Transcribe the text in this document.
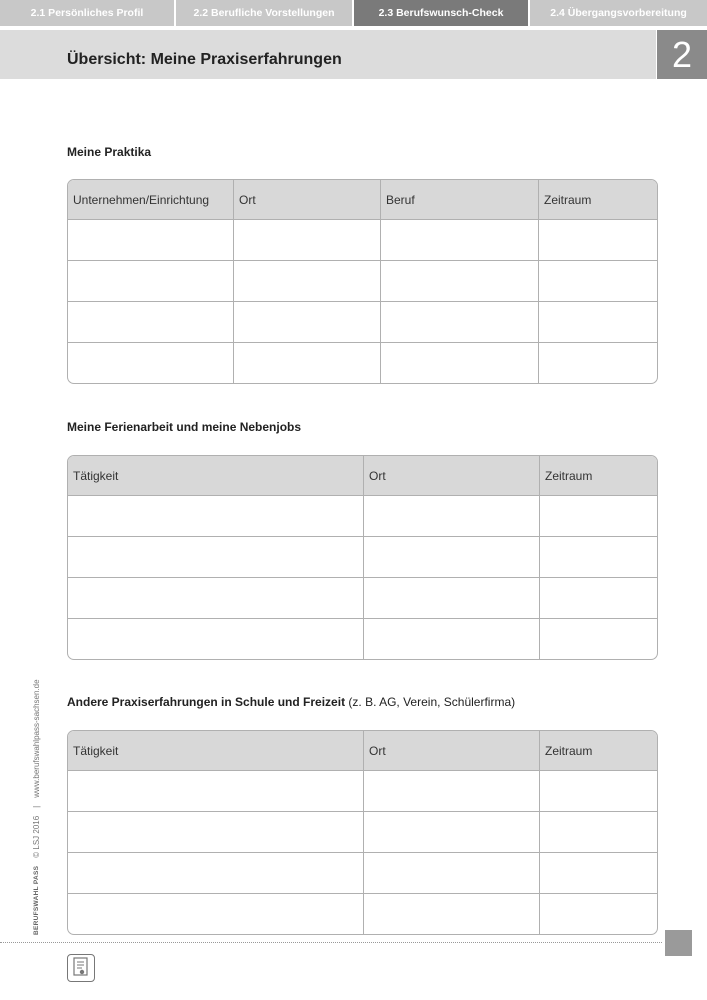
2.1 Persönliches Profil	2.2 Berufliche Vorstellungen	2.3 Berufswunsch-Check	2.4 Übergangsvorbereitung
Übersicht: Meine Praxiserfahrungen	2
Meine Praktika
Unternehmen/Einrichtung	Ort	Beruf	Zeitraum

Meine Ferienarbeit und meine Nebenjobs
Tätigkeit	Ort	Zeitraum

Andere Praxiserfahrungen in Schule und Freizeit (z. B. AG, Verein, Schülerfirma)
Tätigkeit	Ort	Zeitraum

BERUFSWAHL PASS
© LSJ 2016
|
www.berufswahlpass-sachsen.de
